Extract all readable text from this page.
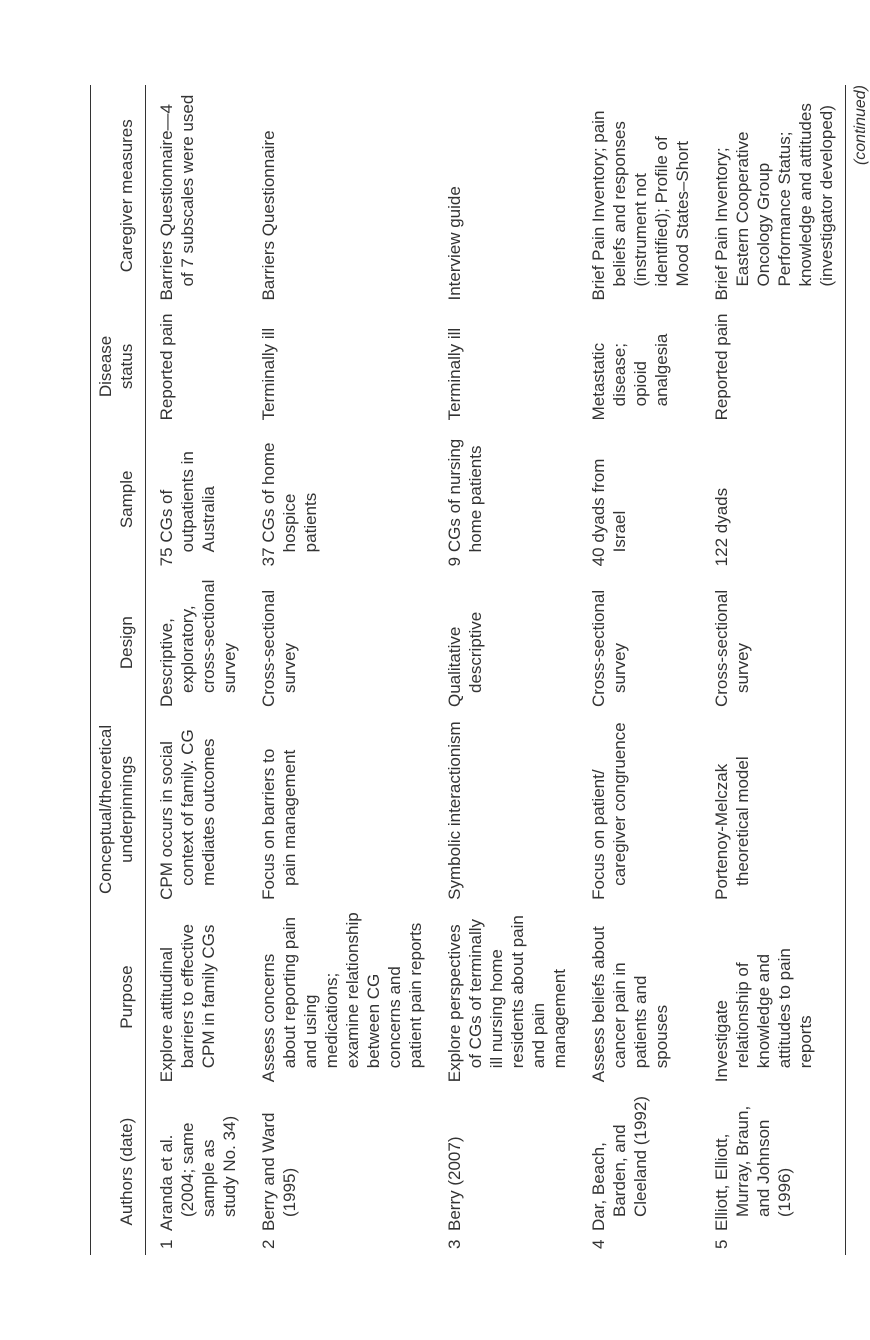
Authors (date)	Purpose	Conceptual/theoretical underpinnings	Design	Sample	Disease status	Caregiver measures

1
Aranda et al. (2004; same sample as study No. 34)	Explore attitudinal barriers to effective CPM in family CGs	CPM occurs in social context of family. CG mediates outcomes	Descriptive, exploratory, cross-sectional survey	75 CGs of outpatients in Australia	Reported pain	Barriers Questionnaire—4 of 7 subscales were used

2
Berry and Ward (1995)	Assess concerns about reporting pain and using medications; examine relationship between CG concerns and patient pain reports	Focus on barriers to pain management	Cross-sectional survey	37 CGs of home hospice patients	Terminally ill	Barriers Questionnaire

3
Berry (2007)	Explore perspectives of CGs of terminally ill nursing home residents about pain and pain management	Symbolic interactionism	Qualitative descriptive	9 CGs of nursing home patients	Terminally ill	Interview guide

4
Dar, Beach, Barden, and Cleeland (1992)	Assess beliefs about cancer pain in patients and spouses	Focus on patient/ caregiver congruence	Cross-sectional survey	40 dyads from Israel	Metastatic disease; opioid analgesia	Brief Pain Inventory; pain beliefs and responses (instrument not identified); Profile of Mood States–Short

5
Elliott, Elliott, Murray, Braun, and Johnson (1996)	Investigate relationship of knowledge and attitudes to pain reports	Portenoy-Melczak theoretical model	Cross-sectional survey	122 dyads	Reported pain	Brief Pain Inventory; Eastern Cooperative Oncology Group Performance Status; knowledge and attitudes (investigator developed)	(continued)
